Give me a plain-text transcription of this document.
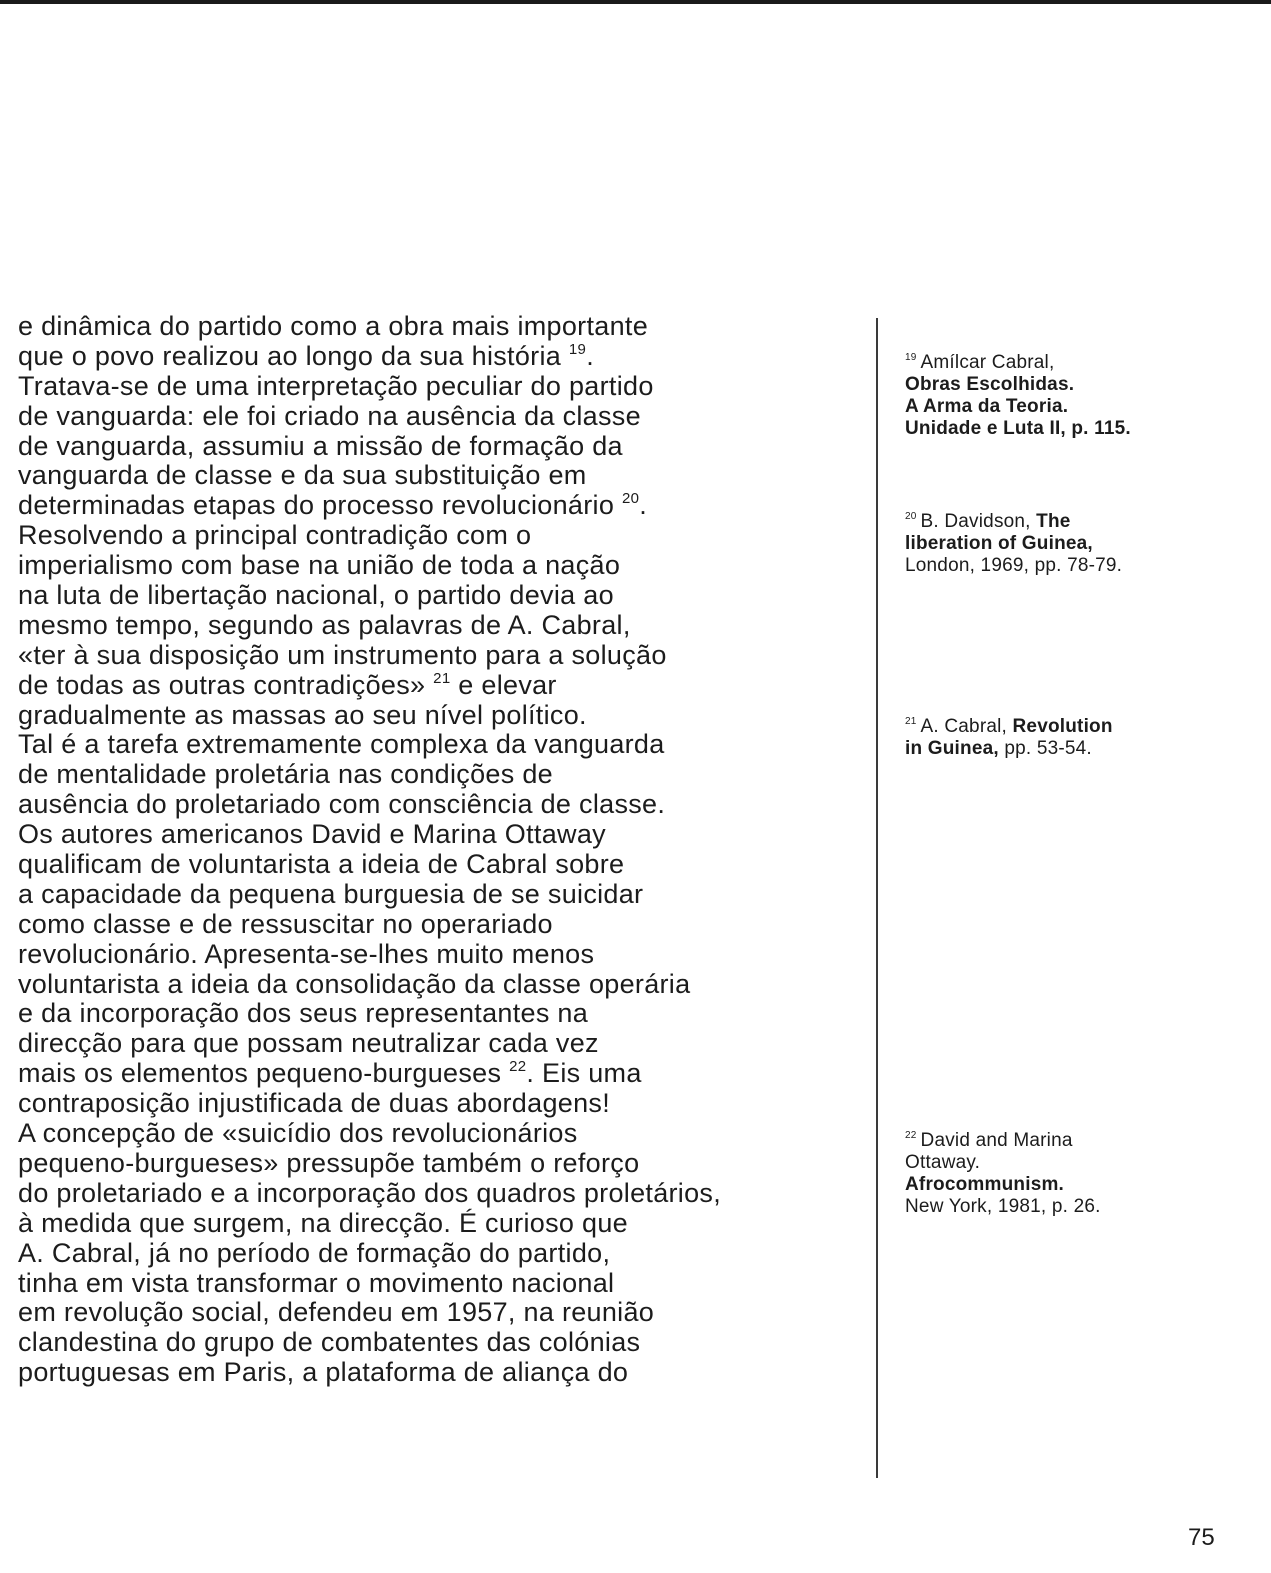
e dinâmica do partido como a obra mais importante
que o povo realizou ao longo da sua história $^{19}$.
Tratava-se de uma interpretação peculiar do partido
de vanguarda: ele foi criado na ausência da classe
de vanguarda, assumiu a missão de formação da
vanguarda de classe e da sua substituição em
determinadas etapas do processo revolucionário $^{20}$.
Resolvendo a principal contradição com o
imperialismo com base na união de toda a nação
na luta de libertação nacional, o partido devia ao
mesmo tempo, segundo as palavras de A. Cabral,
«ter à sua disposição um instrumento para a solução
de todas as outras contradições» $^{21}$ e elevar
gradualmente as massas ao seu nível político.
Tal é a tarefa extremamente complexa da vanguarda
de mentalidade proletária nas condições de
ausência do proletariado com consciência de classe.
Os autores americanos David e Marina Ottaway
qualificam de voluntarista a ideia de Cabral sobre
a capacidade da pequena burguesia de se suicidar
como classe e de ressuscitar no operariado
revolucionário. Apresenta-se-lhes muito menos
voluntarista a ideia da consolidação da classe operária
e da incorporação dos seus representantes na
direcção para que possam neutralizar cada vez
mais os elementos pequeno-burgueses $^{22}$. Eis uma
contraposição injustificada de duas abordagens!
A concepção de «suicídio dos revolucionários
pequeno-burgueses» pressupõe também o reforço
do proletariado e a incorporação dos quadros proletários,
à medida que surgem, na direcção. É curioso que
A. Cabral, já no período de formação do partido,
tinha em vista transformar o movimento nacional
em revolução social, defendeu em 1957, na reunião
clandestina do grupo de combatentes das colónias
portuguesas em Paris, a plataforma de aliança do
$^{19}$ Amílcar Cabral,
Obras Escolhidas.
A Arma da Teoria.
Unidade e Luta II, p. 115.
$^{20}$ B. Davidson, The
liberation of Guinea,
London, 1969, pp. 78-79.
$^{21}$ A. Cabral, Revolution
in Guinea, pp. 53-54.
$^{22}$ David and Marina
Ottaway.
Afrocommunism.
New York, 1981, p. 26.
75
